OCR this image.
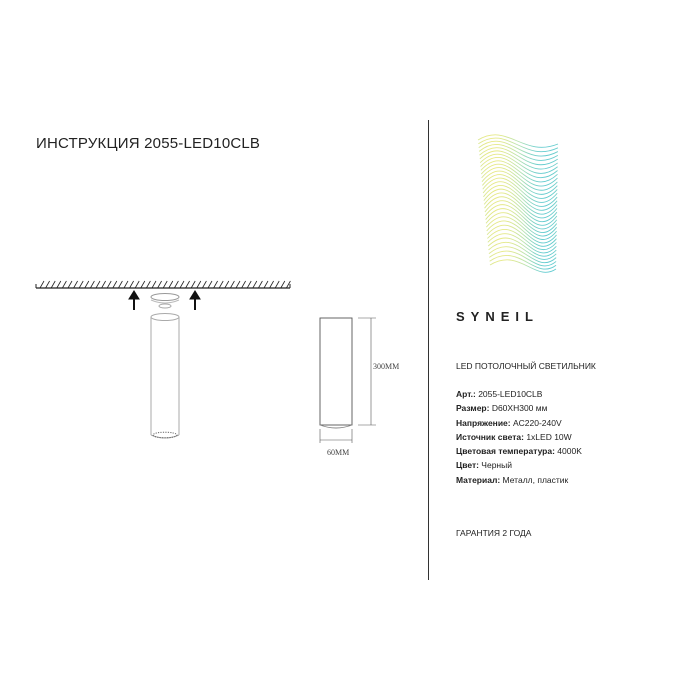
ИНСТРУКЦИЯ 2055-LED10CLB
300MM
60MM
SYNEIL
LED ПОТОЛОЧНЫЙ СВЕТИЛЬНИК
Арт.: 2055-LED10CLB
Размер: D60XH300 мм
Напряжение: AC220-240V
Источник света: 1xLED 10W
Цветовая температура: 4000K
Цвет: Черный
Материал: Металл, пластик
ГАРАНТИЯ 2 ГОДА
